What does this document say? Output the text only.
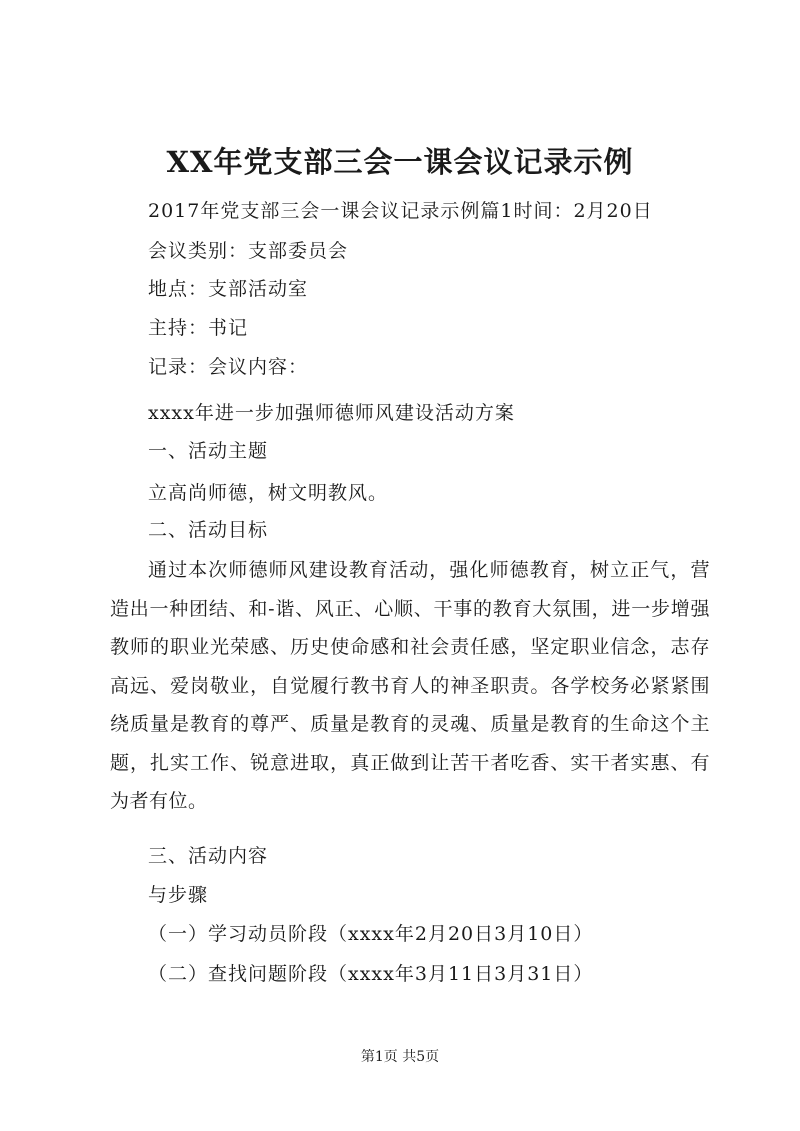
XX年党支部三会一课会议记录示例
2017年党支部三会一课会议记录示例篇1时间：2月20日
会议类别：支部委员会
地点：支部活动室
主持：书记
记录：会议内容：
xxxx年进一步加强师德师风建设活动方案
一、活动主题
立高尚师德，树文明教风。
二、活动目标
通过本次师德师风建设教育活动，强化师德教育，树立正气，营造出一种团结、和-谐、风正、心顺、干事的教育大氛围，进一步增强教师的职业光荣感、历史使命感和社会责任感，坚定职业信念，志存高远、爱岗敬业，自觉履行教书育人的神圣职责。各学校务必紧紧围绕质量是教育的尊严、质量是教育的灵魂、质量是教育的生命这个主题，扎实工作、锐意进取，真正做到让苦干者吃香、实干者实惠、有为者有位。
三、活动内容
与步骤
（一）学习动员阶段（xxxx年2月20日3月10日）
（二）查找问题阶段（xxxx年3月11日3月31日）
第1页 共5页
